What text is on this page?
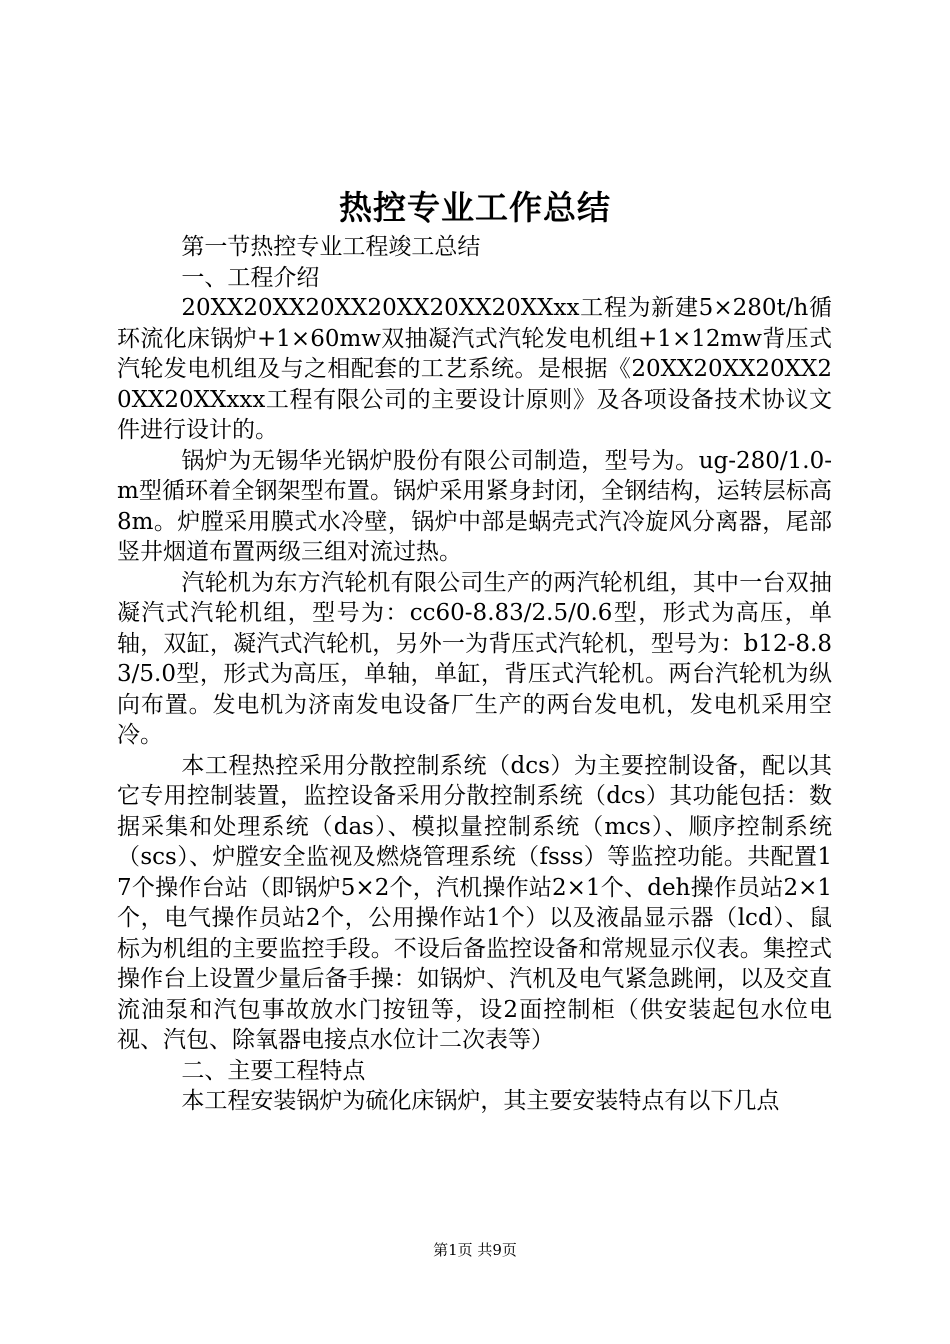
热控专业工作总结

第一节热控专业工程竣工总结

一、工程介绍

20XX20XX20XX20XX20XX20XXxx工程为新建5×280t/h循环流化床锅炉+1×60mw双抽凝汽式汽轮发电机组+1×12mw背压式汽轮发电机组及与之相配套的工艺系统。是根据《20XX20XX20XX20XX20XXxxx工程有限公司的主要设计原则》及各项设备技术协议文件进行设计的。

锅炉为无锡华光锅炉股份有限公司制造，型号为。ug-280/1.0-m型循环着全钢架型布置。锅炉采用紧身封闭，全钢结构，运转层标高8m。炉膛采用膜式水冷壁，锅炉中部是蜗壳式汽冷旋风分离器，尾部竖井烟道布置两级三组对流过热。

汽轮机为东方汽轮机有限公司生产的两汽轮机组，其中一台双抽凝汽式汽轮机组，型号为：cc60-8.83/2.5/0.6型，形式为高压，单轴，双缸，凝汽式汽轮机，另外一为背压式汽轮机，型号为：b12-8.83/5.0型，形式为高压，单轴，单缸，背压式汽轮机。两台汽轮机为纵向布置。发电机为济南发电设备厂生产的两台发电机，发电机采用空冷。

本工程热控采用分散控制系统（dcs）为主要控制设备，配以其它专用控制装置，监控设备采用分散控制系统（dcs）其功能包括：数据采集和处理系统（das）、模拟量控制系统（mcs）、顺序控制系统（scs）、炉膛安全监视及燃烧管理系统（fsss）等监控功能。共配置17个操作台站（即锅炉5×2个，汽机操作站2×1个、deh操作员站2×1个，电气操作员站2个，公用操作站1个）以及液晶显示器（lcd）、鼠标为机组的主要监控手段。不设后备监控设备和常规显示仪表。集控式操作台上设置少量后备手操：如锅炉、汽机及电气紧急跳闸，以及交直流油泵和汽包事故放水门按钮等，设2面控制柜（供安装起包水位电视、汽包、除氧器电接点水位计二次表等）

二、主要工程特点

本工程安装锅炉为硫化床锅炉，其主要安装特点有以下几点

第1页 共9页
